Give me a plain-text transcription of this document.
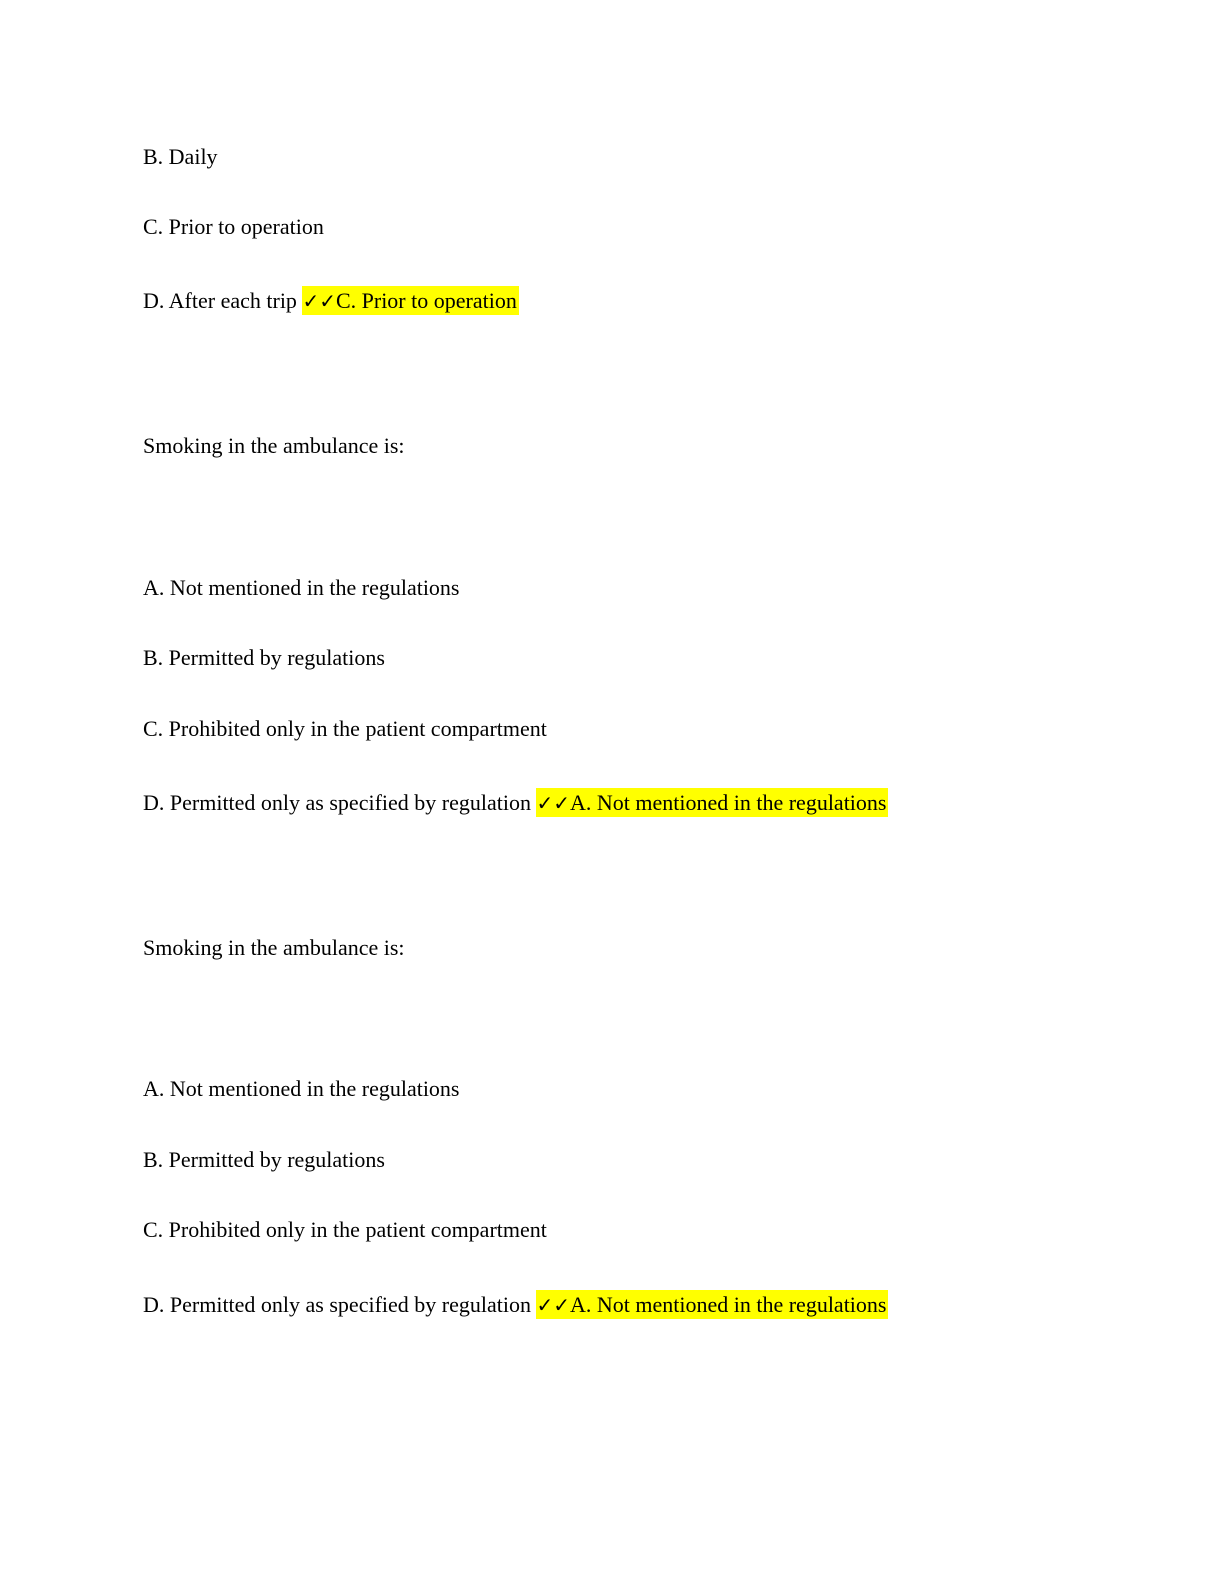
B. Daily
C. Prior to operation
D. After each trip ✓✓C. Prior to operation
Smoking in the ambulance is:
A. Not mentioned in the regulations
B. Permitted by regulations
C. Prohibited only in the patient compartment
D. Permitted only as specified by regulation ✓✓A. Not mentioned in the regulations
Smoking in the ambulance is:
A. Not mentioned in the regulations
B. Permitted by regulations
C. Prohibited only in the patient compartment
D. Permitted only as specified by regulation ✓✓A. Not mentioned in the regulations
